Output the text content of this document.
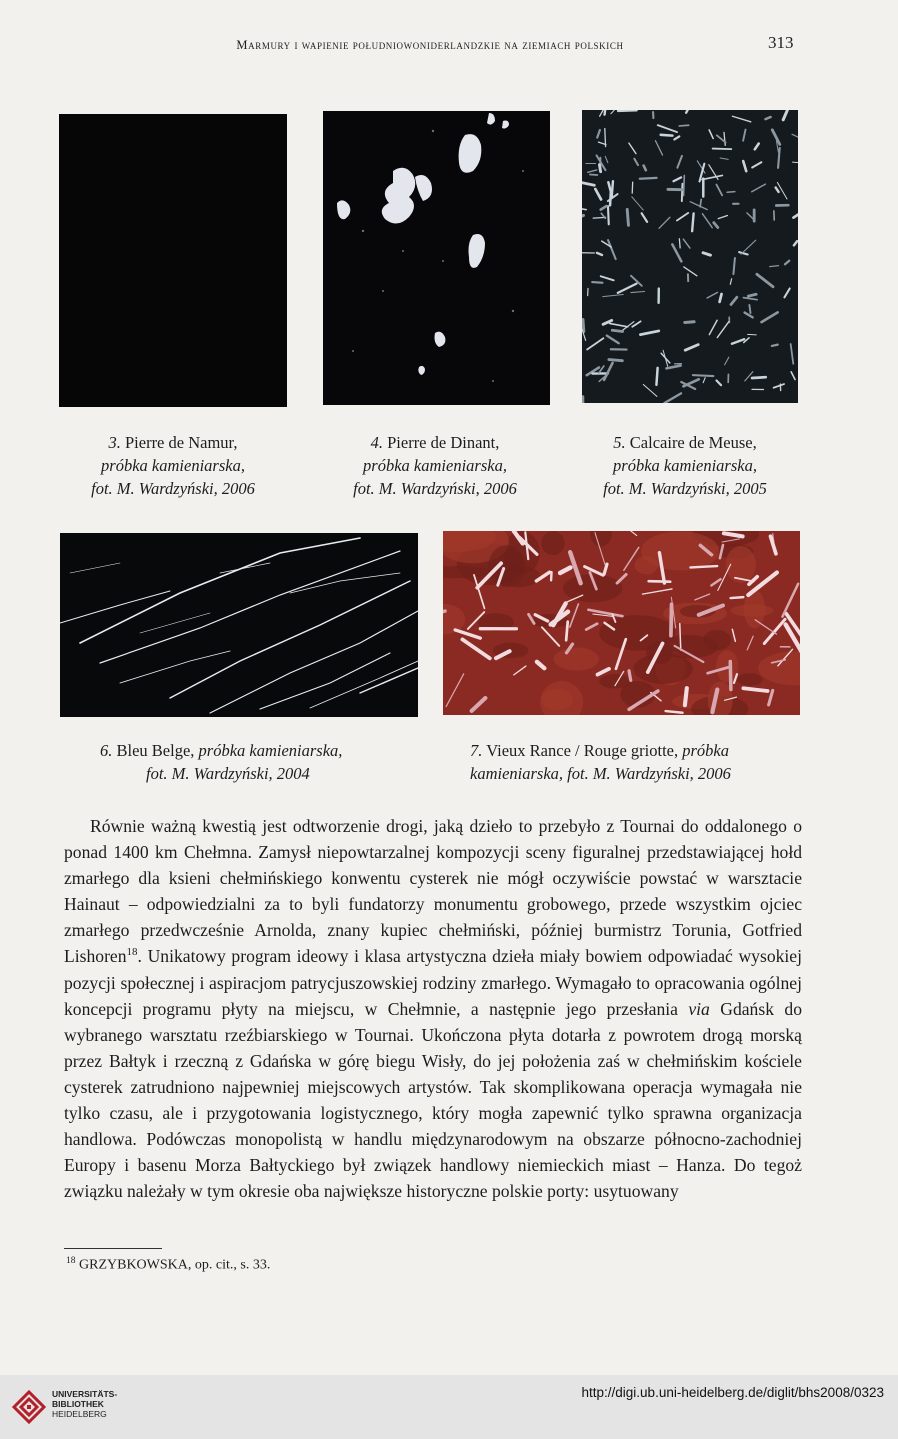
Marmury i wapienie południowoniderlandzkie na ziemiach polskich	313
3. Pierre de Namur,
próbka kamieniarska,
fot. M. Wardzyński, 2006
4. Pierre de Dinant,
próbka kamieniarska,
fot. M. Wardzyński, 2006
5. Calcaire de Meuse,
próbka kamieniarska,
fot. M. Wardzyński, 2005
6. Bleu Belge, próbka kamieniarska,
fot. M. Wardzyński, 2004
7. Vieux Rance / Rouge griotte, próbka
kamieniarska, fot. M. Wardzyński, 2006

Równie ważną kwestią jest odtworzenie drogi, jaką dzieło to przebyło z Tournai do oddalonego o ponad 1400 km Chełmna. Zamysł niepowtarzalnej kompozycji sceny figuralnej przedstawiającej hołd zmarłego dla ksieni chełmińskiego konwentu cysterek nie mógł oczywiście powstać w warsztacie Hainaut – odpowiedzialni za to byli fundatorzy monumentu grobowego, przede wszystkim ojciec zmarłego przedwcześnie Arnolda, znany kupiec chełmiński, później burmistrz Torunia, Gotfried Lishoren$^{18}$. Unikatowy program ideowy i klasa artystyczna dzieła miały bowiem odpowiadać wysokiej pozycji społecznej i aspiracjom patrycjuszowskiej rodziny zmarłego. Wymagało to opracowania ogólnej koncepcji programu płyty na miejscu, w Chełmnie, a następnie jego przesłania via Gdańsk do wybranego warsztatu rzeźbiarskiego w Tournai. Ukończona płyta dotarła z powrotem drogą morską przez Bałtyk i rzeczną z Gdańska w górę biegu Wisły, do jej położenia zaś w chełmińskim kościele cysterek zatrudniono najpewniej miejscowych artystów. Tak skomplikowana operacja wymagała nie tylko czasu, ale i przygotowania logistycznego, który mogła zapewnić tylko sprawna organizacja handlowa. Podówczas monopolistą w handlu międzynarodowym na obszarze północno-zachodniej Europy i basenu Morza Bałtyckiego był związek handlowy niemieckich miast – Hanza. Do tegoż związku należały w tym okresie oba największe historyczne polskie porty: usytuowany

$^{18}$ GRZYBKOWSKA, op. cit., s. 33.
UNIVERSITÄTS-
BIBLIOTHEK
HEIDELBERG
http://digi.ub.uni-heidelberg.de/diglit/bhs2008/0323
